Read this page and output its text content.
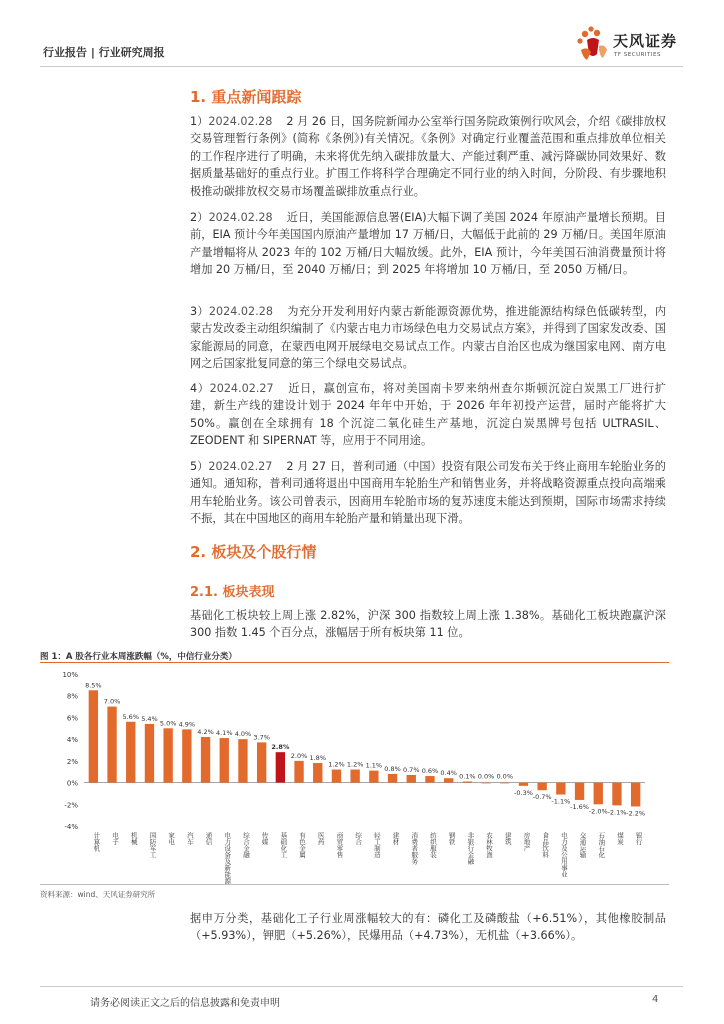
行业报告 | 行业研究周报
天风证券
TF SECURITIES
1. 重点新闻跟踪
1）2024.02.28 2 月 26 日，国务院新闻办公室举行国务院政策例行吹风会，介绍《碳排放权交易管理暂行条例》(简称《条例》)有关情况。《条例》对确定行业覆盖范围和重点排放单位相关的工作程序进行了明确，未来将优先纳入碳排放量大、产能过剩严重、减污降碳协同效果好、数据质量基础好的重点行业。扩围工作将科学合理确定不同行业的纳入时间，分阶段、有步骤地积极推动碳排放权交易市场覆盖碳排放重点行业。
2）2024.02.28 近日，美国能源信息署(EIA)大幅下调了美国 2024 年原油产量增长预期。目前，EIA 预计今年美国国内原油产量增加 17 万桶/日，大幅低于此前的 29 万桶/日。美国年原油产量增幅将从 2023 年的 102 万桶/日大幅放缓。此外，EIA 预计，今年美国石油消费量预计将增加 20 万桶/日，至 2040 万桶/日；到 2025 年将增加 10 万桶/日，至 2050 万桶/日。
3）2024.02.28 为充分开发利用好内蒙古新能源资源优势，推进能源结构绿色低碳转型，内蒙古发改委主动组织编制了《内蒙古电力市场绿色电力交易试点方案》，并得到了国家发改委、国家能源局的同意，在蒙西电网开展绿电交易试点工作。内蒙古自治区也成为继国家电网、南方电网之后国家批复同意的第三个绿电交易试点。
4）2024.02.27 近日，赢创宣布，将对美国南卡罗来纳州查尔斯顿沉淀白炭黑工厂进行扩建，新生产线的建设计划于 2024 年年中开始，于 2026 年年初投产运营，届时产能将扩大 50%。赢创在全球拥有 18 个沉淀二氧化硅生产基地，沉淀白炭黑牌号包括 ULTRASIL、ZEODENT 和 SIPERNAT 等，应用于不同用途。
5）2024.02.27 2 月 27 日，普利司通（中国）投资有限公司发布关于终止商用车轮胎业务的通知。通知称，普利司通将退出中国商用车轮胎生产和销售业务，并将战略资源重点投向高端乘用车轮胎业务。该公司曾表示，因商用车轮胎市场的复苏速度未能达到预期，国际市场需求持续不振，其在中国地区的商用车轮胎产量和销量出现下滑。
2. 板块及个股行情
2.1. 板块表现
基础化工板块较上周上涨 2.82%，沪深 300 指数较上周上涨 1.38%。基础化工板块跑赢沪深 300 指数 1.45 个百分点，涨幅居于所有板块第 11 位。
图 1：A 股各行业本周涨跌幅（%，中信行业分类）
10%
8%
6%
4%
2%
0%
-2%
-4%
8.5%
计算机
7.0%
电子
5.6%
机械
5.4%
国防军工
5.0%
家电
4.9%
汽车
4.2%
通信
4.1%
电力设备及新能源
4.0%
综合金融
3.7%
传媒
2.8%
基础化工
2.0%
有色金属
1.8%
医药
1.2%
商贸零售
1.2%
综合
1.1%
轻工制造
0.8%
建材
0.7%
消费者服务
0.6%
纺织服装
0.4%
钢铁
0.1%
非银行金融
0.0%
农林牧渔
0.0%
建筑
-0.3%
房地产
-0.7%
食品饮料
-1.1%
电力及公用事业
-1.6%
交通运输
-2.0%
石油石化
-2.1%
煤炭
-2.2%
银行
资料来源：wind、天风证券研究所
据申万分类，基础化工子行业周涨幅较大的有：磷化工及磷酸盐（+6.51%），其他橡胶制品（+5.93%），钾肥（+5.26%），民爆用品（+4.73%），无机盐（+3.66%）。
请务必阅读正文之后的信息披露和免责申明	4
